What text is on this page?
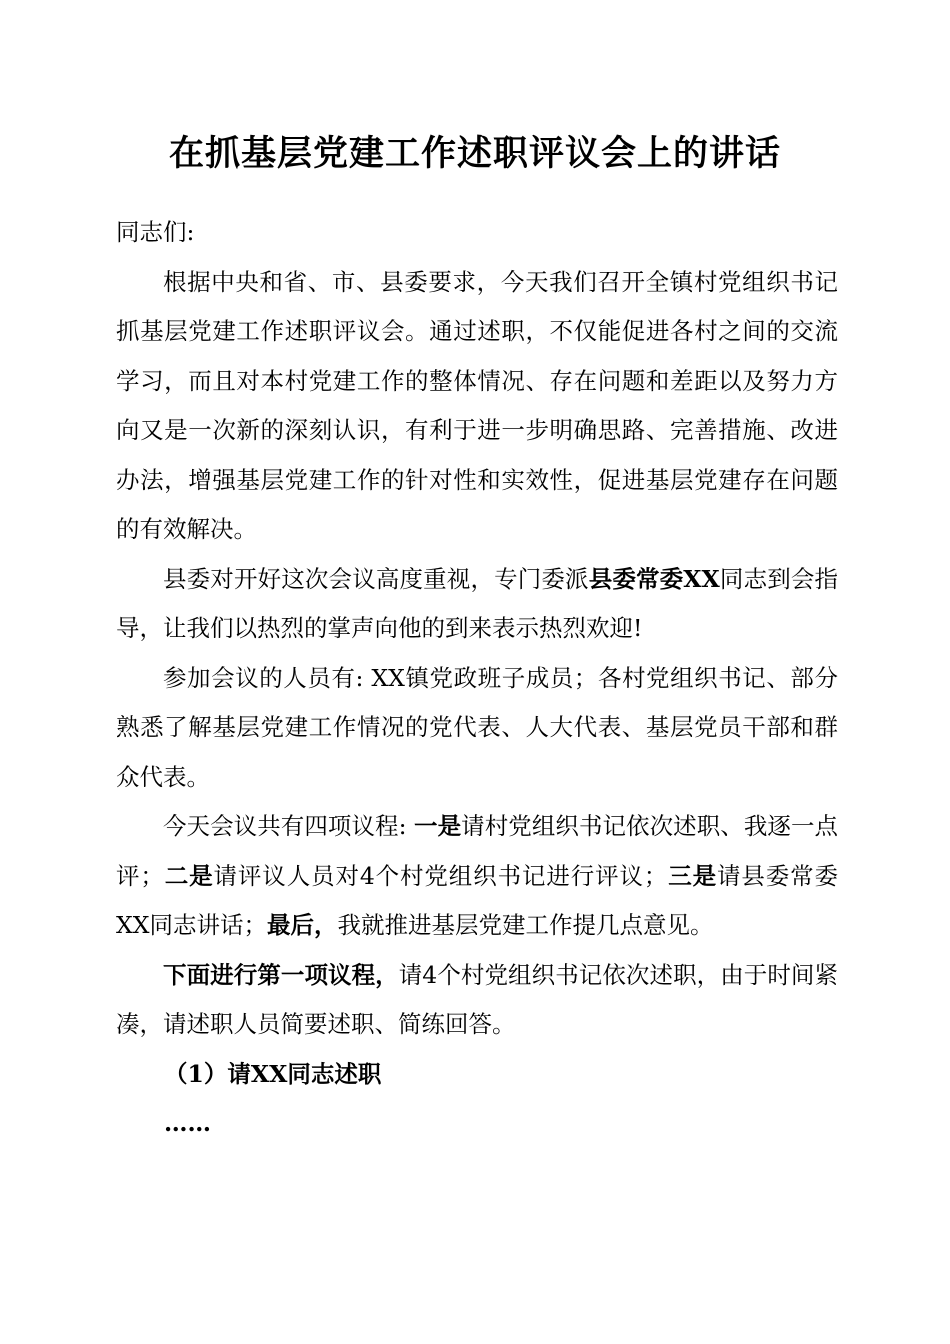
在抓基层党建工作述职评议会上的讲话

同志们:

根据中央和省、市、县委要求，今天我们召开全镇村党组织书记抓基层党建工作述职评议会。通过述职，不仅能促进各村之间的交流学习，而且对本村党建工作的整体情况、存在问题和差距以及努力方向又是一次新的深刻认识，有利于进一步明确思路、完善措施、改进办法，增强基层党建工作的针对性和实效性，促进基层党建存在问题的有效解决。

县委对开好这次会议高度重视，专门委派县委常委XX同志到会指导，让我们以热烈的掌声向他的到来表示热烈欢迎!

参加会议的人员有: XX镇党政班子成员；各村党组织书记、部分熟悉了解基层党建工作情况的党代表、人大代表、基层党员干部和群众代表。

今天会议共有四项议程: 一是请村党组织书记依次述职、我逐一点评；二是请评议人员对4个村党组织书记进行评议；三是请县委常委XX同志讲话；最后，我就推进基层党建工作提几点意见。

下面进行第一项议程，请4个村党组织书记依次述职，由于时间紧凑，请述职人员简要述职、简练回答。

（1）请XX同志述职

……
